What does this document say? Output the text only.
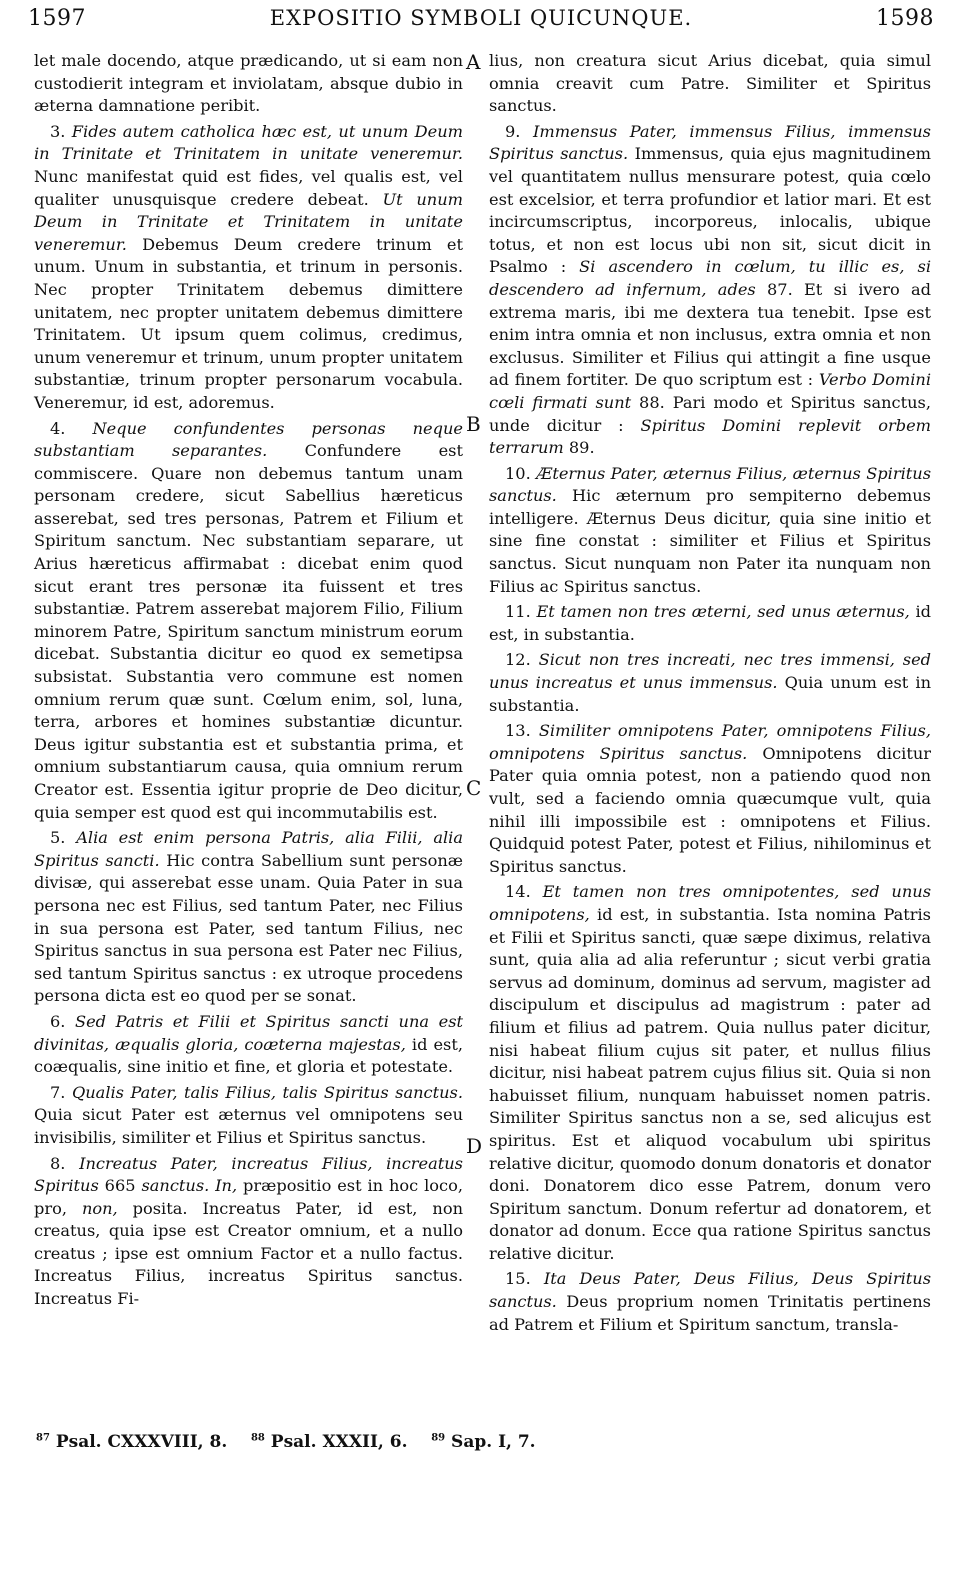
1597	EXPOSITIO SYMBOLI QUICUNQUE.	1598

let male docendo, atque prædicando, ut si eam non custodierit integram et inviolatam, absque dubio in æterna damnatione peribit.

3. Fides autem catholica hæc est, ut unum Deum in Trinitate et Trinitatem in unitate veneremur. Nunc manifestat quid est fides, vel qualis est, vel qualiter unusquisque credere debeat. Ut unum Deum in Trinitate et Trinitatem in unitate veneremur. Debemus Deum credere trinum et unum. Unum in substantia, et trinum in personis. Nec propter Trinitatem debemus dimittere unitatem, nec propter unitatem debemus dimittere Trinitatem. Ut ipsum quem colimus, credimus, unum veneremur et trinum, unum propter unitatem substantiæ, trinum propter personarum vocabula. Veneremur, id est, adoremus.

4. Neque confundentes personas neque substantiam separantes. Confundere est commiscere. Quare non debemus tantum unam personam credere, sicut Sabellius hæreticus asserebat, sed tres personas, Patrem et Filium et Spiritum sanctum. Nec substantiam separare, ut Arius hæreticus affirmabat : dicebat enim quod sicut erant tres personæ ita fuissent et tres substantiæ. Patrem asserebat majorem Filio, Filium minorem Patre, Spiritum sanctum ministrum eorum dicebat. Substantia dicitur eo quod ex semetipsa subsistat. Substantia vero commune est nomen omnium rerum quæ sunt. Cœlum enim, sol, luna, terra, arbores et homines substantiæ dicuntur. Deus igitur substantia est et substantia prima, et omnium substantiarum causa, quia omnium rerum Creator est. Essentia igitur proprie de Deo dicitur, quia semper est quod est qui incommutabilis est.

5. Alia est enim persona Patris, alia Filii, alia Spiritus sancti. Hic contra Sabellium sunt personæ divisæ, qui asserebat esse unam. Quia Pater in sua persona nec est Filius, sed tantum Pater, nec Filius in sua persona est Pater, sed tantum Filius, nec Spiritus sanctus in sua persona est Pater nec Filius, sed tantum Spiritus sanctus : ex utroque procedens persona dicta est eo quod per se sonat.

6. Sed Patris et Filii et Spiritus sancti una est divinitas, æqualis gloria, coæterna majestas, id est, coæqualis, sine initio et fine, et gloria et potestate.

7. Qualis Pater, talis Filius, talis Spiritus sanctus. Quia sicut Pater est æternus vel omnipotens seu invisibilis, similiter et Filius et Spiritus sanctus.

8. Increatus Pater, increatus Filius, increatus Spiritus 665 sanctus. In, præpositio est in hoc loco, pro, non, posita. Increatus Pater, id est, non creatus, quia ipse est Creator omnium, et a nullo creatus ; ipse est omnium Factor et a nullo factus. Increatus Filius, increatus Spiritus sanctus. Increatus Fi-

lius, non creatura sicut Arius dicebat, quia simul omnia creavit cum Patre. Similiter et Spiritus sanctus.

9. Immensus Pater, immensus Filius, immensus Spiritus sanctus. Immensus, quia ejus magnitudinem vel quantitatem nullus mensurare potest, quia cœlo est excelsior, et terra profundior et latior mari. Et est incircumscriptus, incorporeus, inlocalis, ubique totus, et non est locus ubi non sit, sicut dicit in Psalmo : Si ascendero in cœlum, tu illic es, si descendero ad infernum, ades 87. Et si ivero ad extrema maris, ibi me dextera tua tenebit. Ipse est enim intra omnia et non inclusus, extra omnia et non exclusus. Similiter et Filius qui attingit a fine usque ad finem fortiter. De quo scriptum est : Verbo Domini cœli firmati sunt 88. Pari modo et Spiritus sanctus, unde dicitur : Spiritus Domini replevit orbem terrarum 89.

10. Æternus Pater, æternus Filius, æternus Spiritus sanctus. Hic æternum pro sempiterno debemus intelligere. Æternus Deus dicitur, quia sine initio et sine fine constat : similiter et Filius et Spiritus sanctus. Sicut nunquam non Pater ita nunquam non Filius ac Spiritus sanctus.

11. Et tamen non tres æterni, sed unus æternus, id est, in substantia.

12. Sicut non tres increati, nec tres immensi, sed unus increatus et unus immensus. Quia unum est in substantia.

13. Similiter omnipotens Pater, omnipotens Filius, omnipotens Spiritus sanctus. Omnipotens dicitur Pater quia omnia potest, non a patiendo quod non vult, sed a faciendo omnia quæcumque vult, quia nihil illi impossibile est : omnipotens et Filius. Quidquid potest Pater, potest et Filius, nihilominus et Spiritus sanctus.

14. Et tamen non tres omnipotentes, sed unus omnipotens, id est, in substantia. Ista nomina Patris et Filii et Spiritus sancti, quæ sæpe diximus, relativa sunt, quia alia ad alia referuntur ; sicut verbi gratia servus ad dominum, dominus ad servum, magister ad discipulum et discipulus ad magistrum : pater ad filium et filius ad patrem. Quia nullus pater dicitur, nisi habeat filium cujus sit pater, et nullus filius dicitur, nisi habeat patrem cujus filius sit. Quia si non habuisset filium, nunquam habuisset nomen patris. Similiter Spiritus sanctus non a se, sed alicujus est spiritus. Est et aliquod vocabulum ubi spiritus relative dicitur, quomodo donum donatoris et donator doni. Donatorem dico esse Patrem, donum vero Spiritum sanctum. Donum refertur ad donatorem, et donator ad donum. Ecce qua ratione Spiritus sanctus relative dicitur.

15. Ita Deus Pater, Deus Filius, Deus Spiritus sanctus. Deus proprium nomen Trinitatis pertinens ad Patrem et Filium et Spiritum sanctum, transla-

A
B
C
D
$^{87}$ Psal. CXXXVIII, 8. $^{88}$ Psal. XXXII, 6. $^{89}$ Sap. I, 7.
